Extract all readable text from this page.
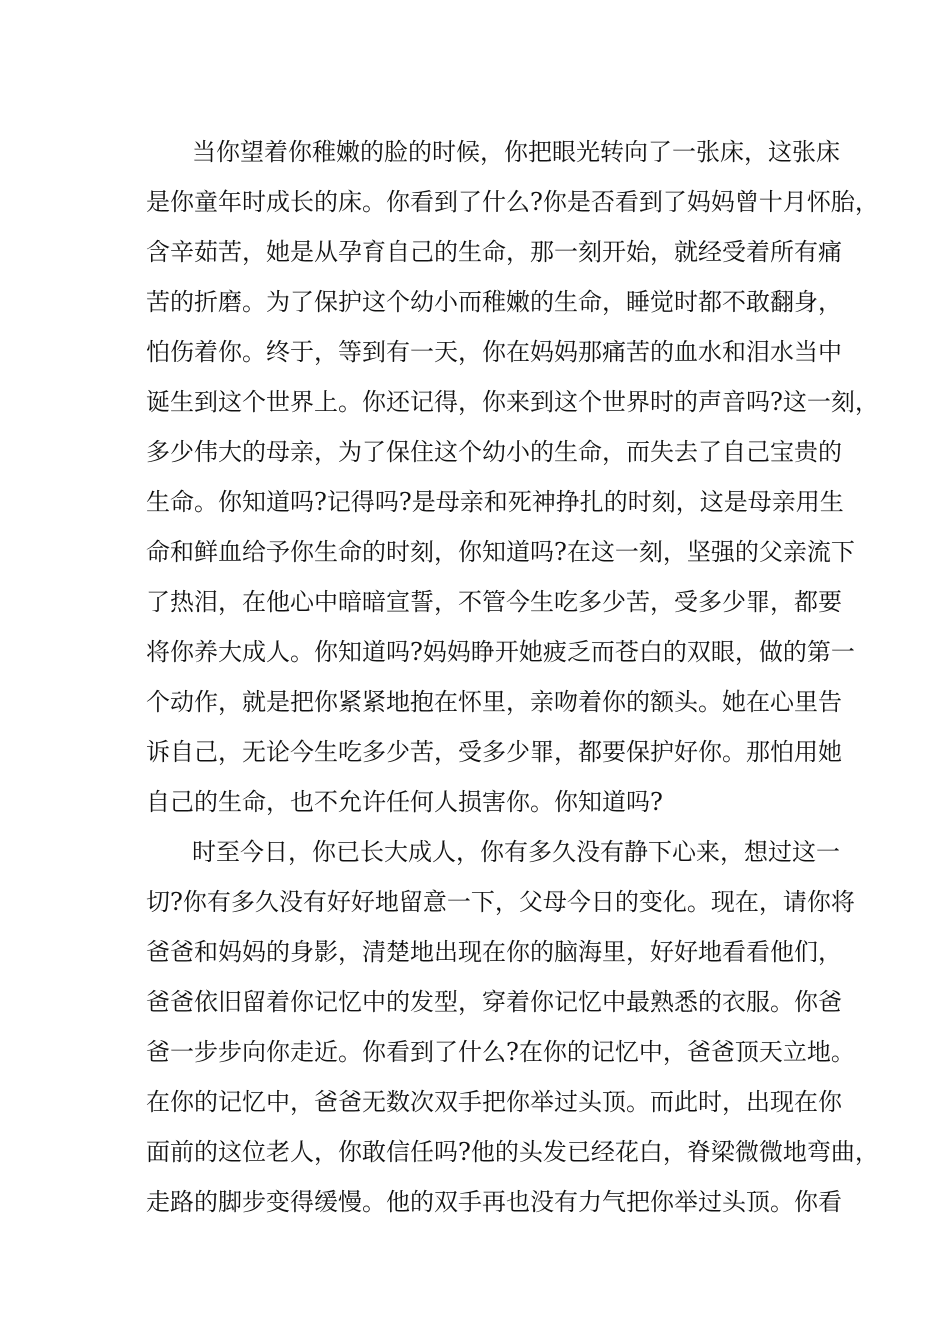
当你望着你稚嫩的脸的时候，你把眼光转向了一张床，这张床
是你童年时成长的床。你看到了什么?你是否看到了妈妈曾十月怀胎，
含辛茹苦，她是从孕育自己的生命，那一刻开始，就经受着所有痛
苦的折磨。为了保护这个幼小而稚嫩的生命，睡觉时都不敢翻身，
怕伤着你。终于，等到有一天，你在妈妈那痛苦的血水和泪水当中
诞生到这个世界上。你还记得，你来到这个世界时的声音吗?这一刻，
多少伟大的母亲，为了保住这个幼小的生命，而失去了自己宝贵的
生命。你知道吗?记得吗?是母亲和死神挣扎的时刻，这是母亲用生
命和鲜血给予你生命的时刻，你知道吗?在这一刻，坚强的父亲流下
了热泪，在他心中暗暗宣誓，不管今生吃多少苦，受多少罪，都要
将你养大成人。你知道吗?妈妈睁开她疲乏而苍白的双眼，做的第一
个动作，就是把你紧紧地抱在怀里，亲吻着你的额头。她在心里告
诉自己，无论今生吃多少苦，受多少罪，都要保护好你。那怕用她
自己的生命，也不允许任何人损害你。你知道吗?
时至今日，你已长大成人，你有多久没有静下心来，想过这一
切?你有多久没有好好地留意一下，父母今日的变化。现在，请你将
爸爸和妈妈的身影，清楚地出现在你的脑海里，好好地看看他们，
爸爸依旧留着你记忆中的发型，穿着你记忆中最熟悉的衣服。你爸
爸一步步向你走近。你看到了什么?在你的记忆中，爸爸顶天立地。
在你的记忆中，爸爸无数次双手把你举过头顶。而此时，出现在你
面前的这位老人，你敢信任吗?他的头发已经花白，脊梁微微地弯曲，
走路的脚步变得缓慢。他的双手再也没有力气把你举过头顶。你看
